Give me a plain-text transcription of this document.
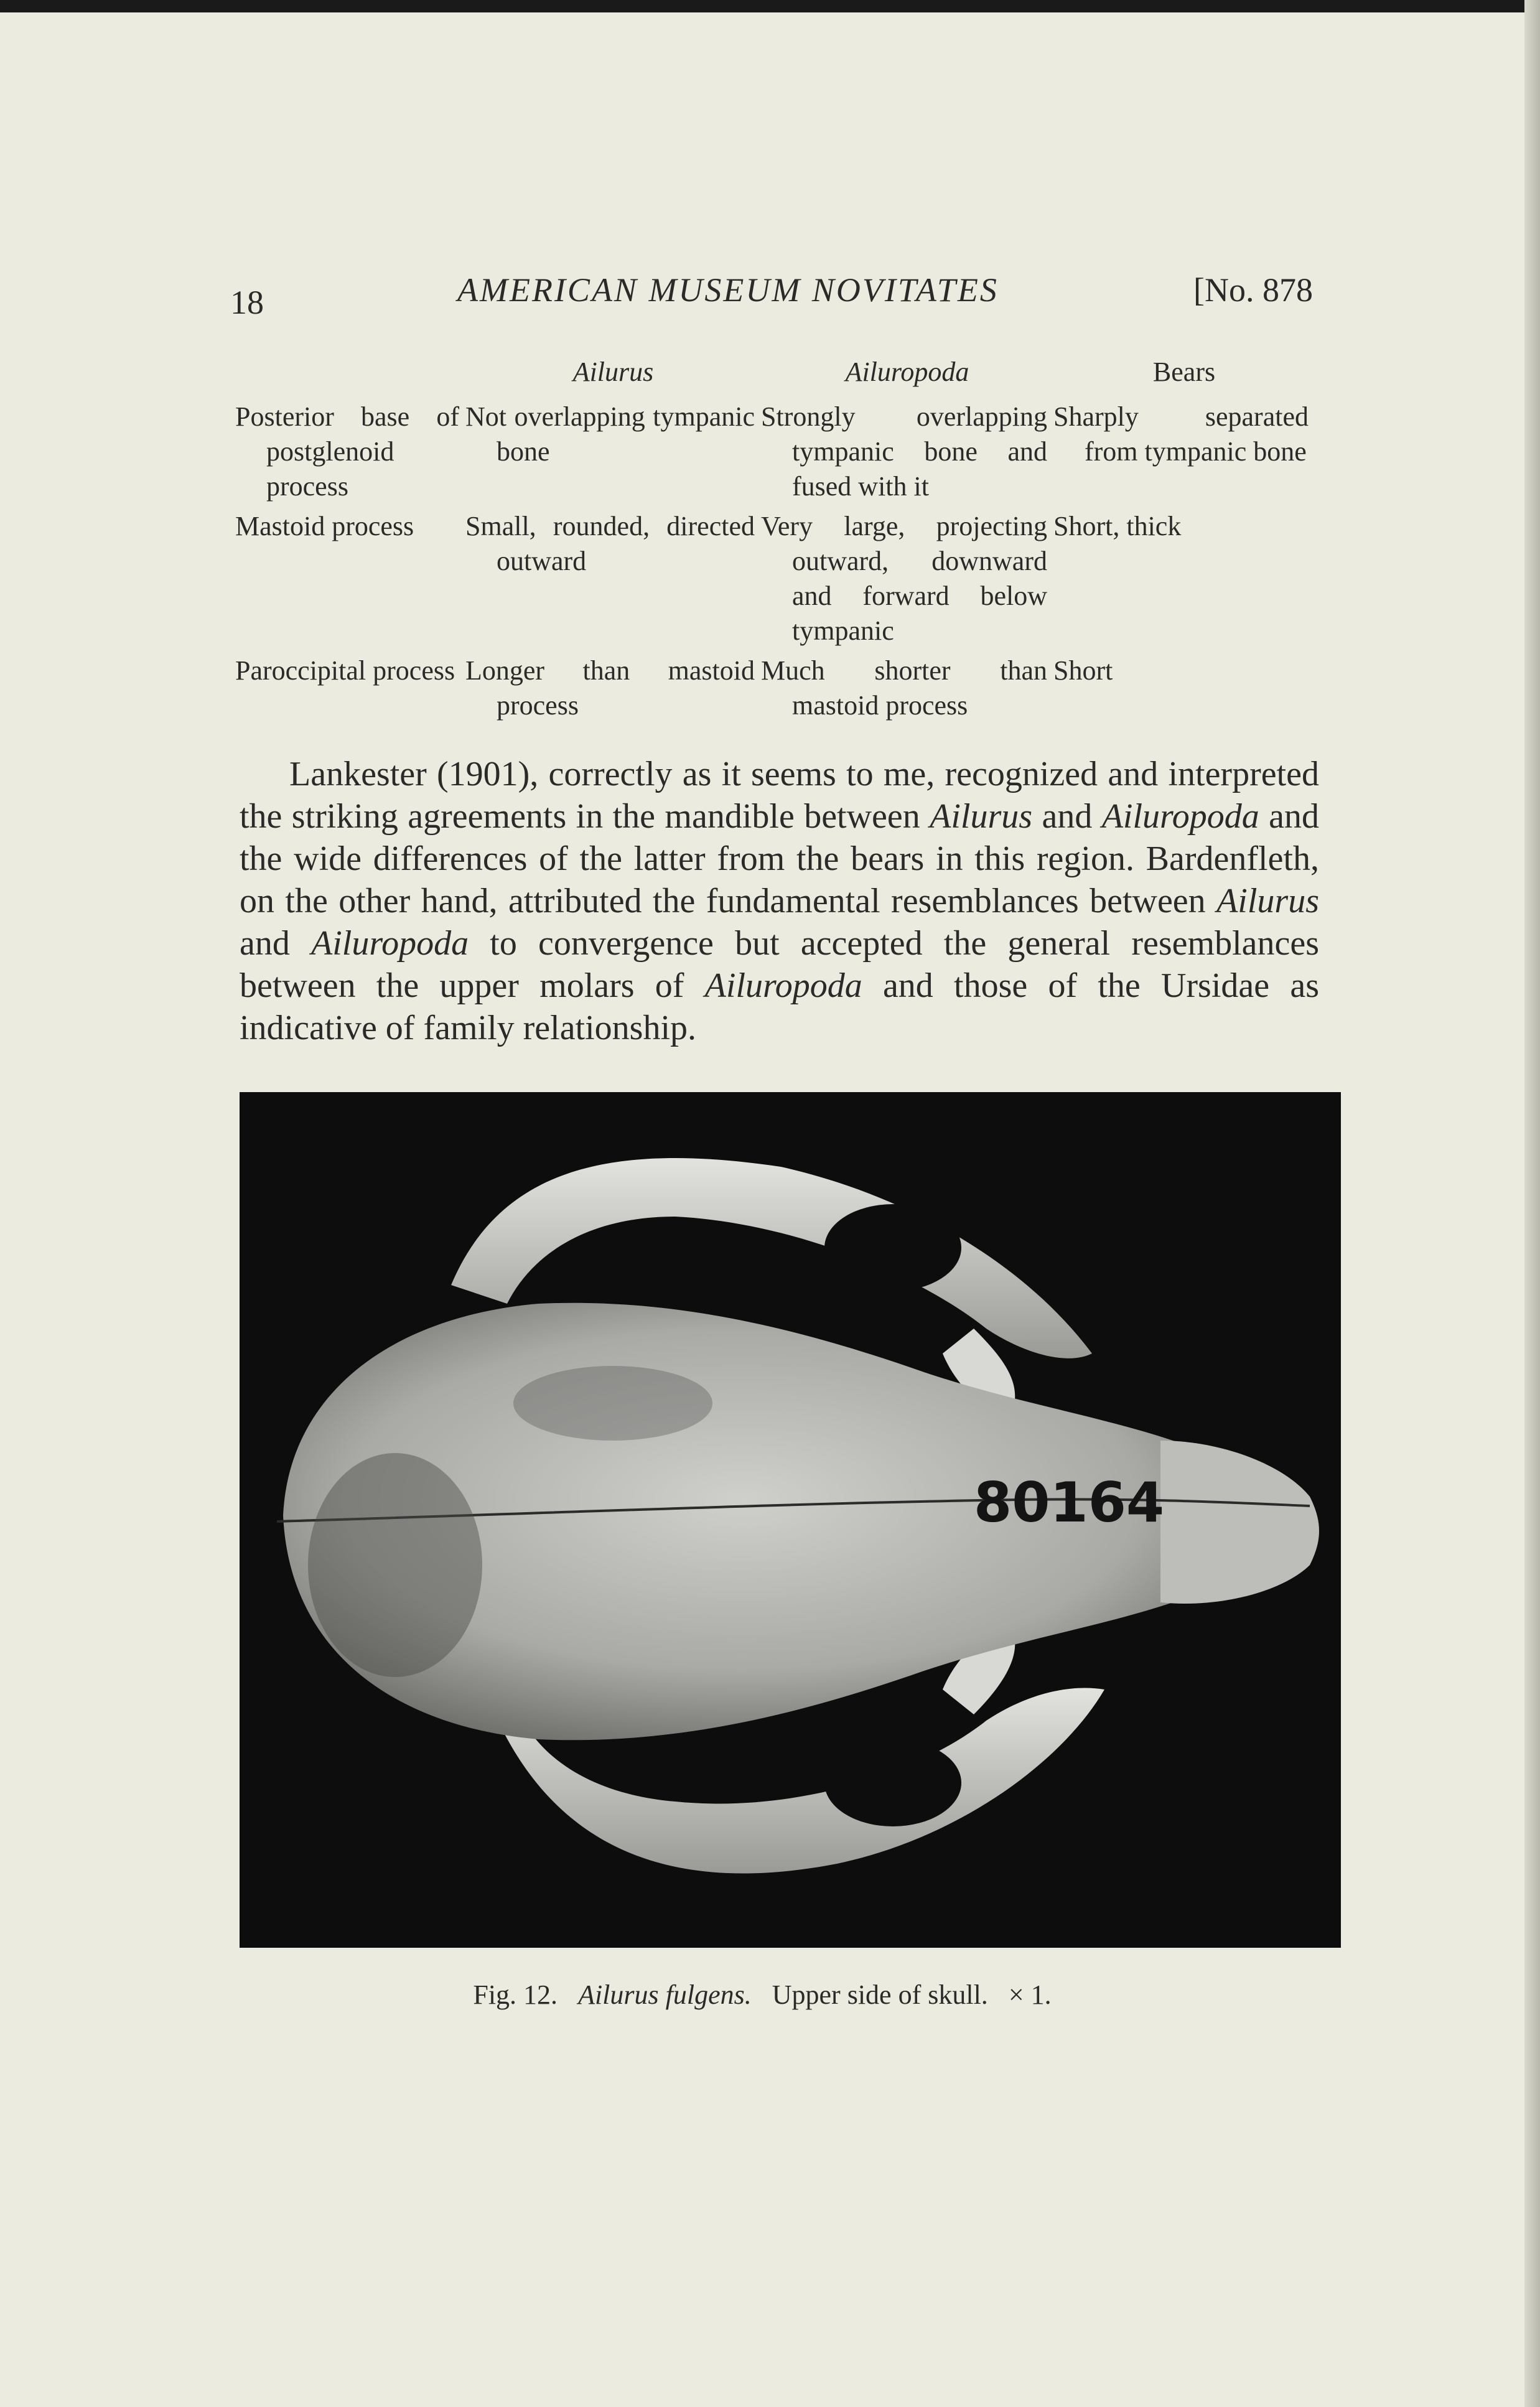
18	AMERICAN MUSEUM NOVITATES	[No. 878
	Ailurus	Ailuropoda	Bears

Posterior base of postglenoid process	Not overlapping tympanic bone	Strongly overlapping tympanic bone and fused with it	Sharply separated from tympanic bone

Mastoid process	Small, rounded, directed outward	Very large, projecting outward, downward and forward below tympanic	Short, thick

Paroccipital process	Longer than mastoid process	Much shorter than mastoid process	Short

Lankester (1901), correctly as it seems to me, recognized and interpreted the striking agreements in the mandible between Ailurus and Ailuropoda and the wide differences of the latter from the bears in this region. Bardenfleth, on the other hand, attributed the fundamental resemblances between Ailurus and Ailuropoda to convergence but accepted the general resemblances between the upper molars of Ailuropoda and those of the Ursidae as indicative of family relationship.

80164
Fig. 12. Ailurus fulgens. Upper side of skull. × 1.
